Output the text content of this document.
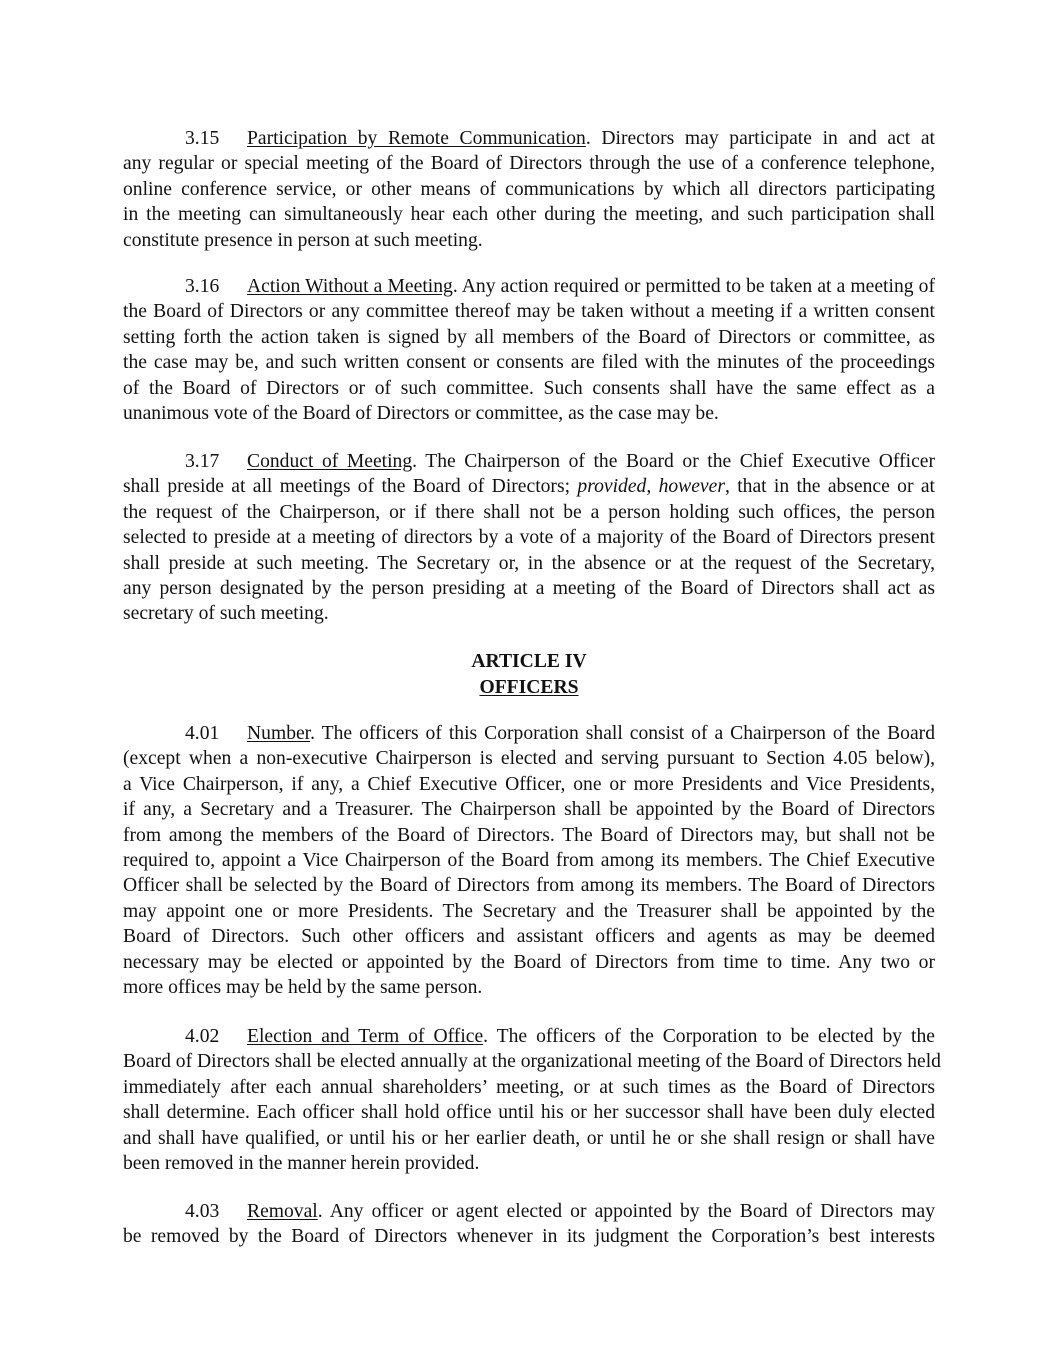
3.15 Participation by Remote Communication. Directors may participate in and act at
any regular or special meeting of the Board of Directors through the use of a conference telephone,
online conference service, or other means of communications by which all directors participating
in the meeting can simultaneously hear each other during the meeting, and such participation shall
constitute presence in person at such meeting.
3.16 Action Without a Meeting. Any action required or permitted to be taken at a meeting of
the Board of Directors or any committee thereof may be taken without a meeting if a written consent
setting forth the action taken is signed by all members of the Board of Directors or committee, as
the case may be, and such written consent or consents are filed with the minutes of the proceedings
of the Board of Directors or of such committee. Such consents shall have the same effect as a
unanimous vote of the Board of Directors or committee, as the case may be.
3.17 Conduct of Meeting. The Chairperson of the Board or the Chief Executive Officer
shall preside at all meetings of the Board of Directors; provided, however, that in the absence or at
the request of the Chairperson, or if there shall not be a person holding such offices, the person
selected to preside at a meeting of directors by a vote of a majority of the Board of Directors present
shall preside at such meeting. The Secretary or, in the absence or at the request of the Secretary,
any person designated by the person presiding at a meeting of the Board of Directors shall act as
secretary of such meeting.
ARTICLE IV
OFFICERS
4.01 Number. The officers of this Corporation shall consist of a Chairperson of the Board
(except when a non-executive Chairperson is elected and serving pursuant to Section 4.05 below),
a Vice Chairperson, if any, a Chief Executive Officer, one or more Presidents and Vice Presidents,
if any, a Secretary and a Treasurer. The Chairperson shall be appointed by the Board of Directors
from among the members of the Board of Directors. The Board of Directors may, but shall not be
required to, appoint a Vice Chairperson of the Board from among its members. The Chief Executive
Officer shall be selected by the Board of Directors from among its members. The Board of Directors
may appoint one or more Presidents. The Secretary and the Treasurer shall be appointed by the
Board of Directors. Such other officers and assistant officers and agents as may be deemed
necessary may be elected or appointed by the Board of Directors from time to time. Any two or
more offices may be held by the same person.
4.02 Election and Term of Office. The officers of the Corporation to be elected by the
Board of Directors shall be elected annually at the organizational meeting of the Board of Directors held
immediately after each annual shareholders’ meeting, or at such times as the Board of Directors
shall determine. Each officer shall hold office until his or her successor shall have been duly elected
and shall have qualified, or until his or her earlier death, or until he or she shall resign or shall have
been removed in the manner herein provided.
4.03 Removal. Any officer or agent elected or appointed by the Board of Directors may
be removed by the Board of Directors whenever in its judgment the Corporation’s best interests
